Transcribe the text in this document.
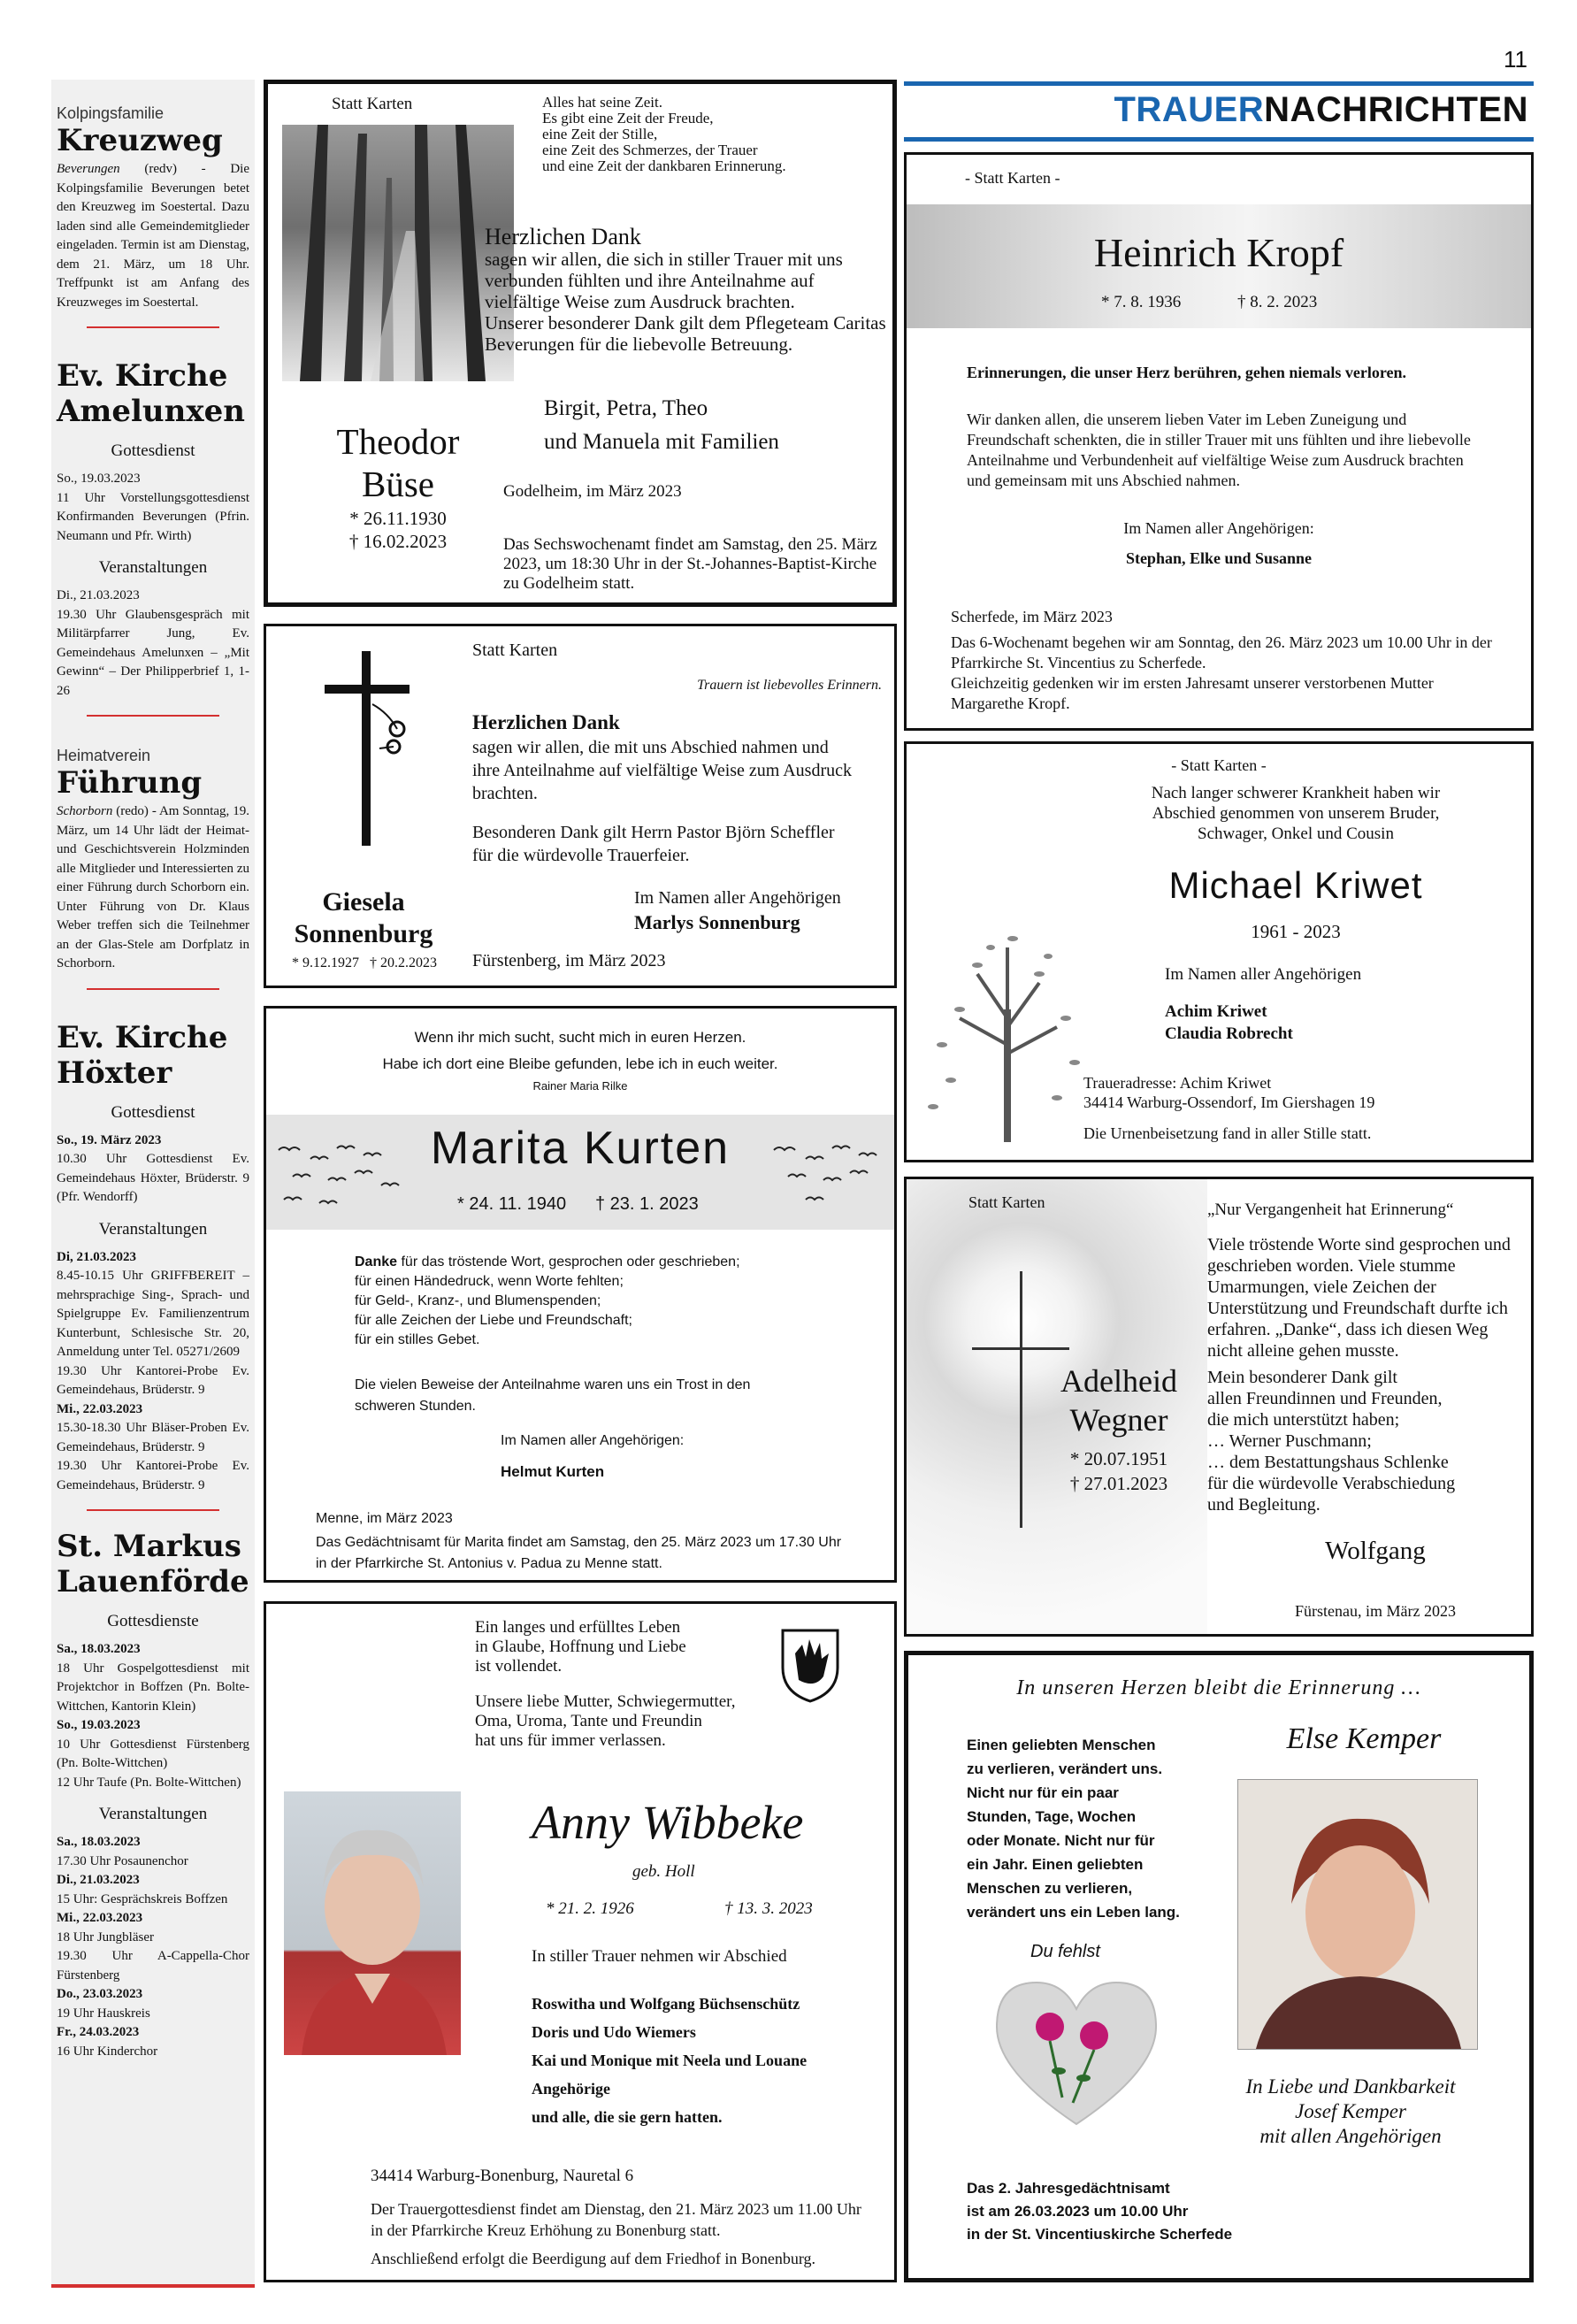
11
TRAUERNACHRICHTEN
Kolpingsfamilie
Kreuzweg
Beverungen (redv) - Die Kolpingsfamilie Beverungen betet den Kreuzweg im Soestertal. Dazu laden sind alle Gemeindemitglieder eingeladen. Termin ist am Dienstag, dem 21. März, um 18 Uhr. Treffpunkt ist am Anfang des Kreuzweges im Soestertal.
Ev. Kirche
Amelunxen
Gottesdienst
So., 19.03.2023
11 Uhr Vorstellungsgottesdienst Konfirmanden Beverungen (Pfrin. Neumann und Pfr. Wirth)
Veranstaltungen
Di., 21.03.2023
19.30 Uhr Glaubensgespräch mit Militärpfarrer Jung, Ev. Gemeindehaus Amelunxen – „Mit Gewinn“ – Der Philipperbrief 1, 1-26
Heimatverein
Führung
Schorborn (redo) - Am Sonntag, 19. März, um 14 Uhr lädt der Heimat- und Geschichtsverein Holzminden alle Mitglieder und Interessierten zu einer Führung durch Schorborn ein. Unter Führung von Dr. Klaus Weber treffen sich die Teilnehmer an der Glas-Stele am Dorfplatz in Schorborn.
Ev. Kirche
Höxter
Gottesdienst
So., 19. März 2023
10.30 Uhr Gottesdienst Ev. Gemeindehaus Höxter, Brüderstr. 9 (Pfr. Wendorff)
Veranstaltungen
Di, 21.03.2023
8.45-10.15 Uhr GRIFFBEREIT – mehrsprachige Sing-, Sprach- und Spielgruppe Ev. Familienzentrum Kunterbunt, Schlesische Str. 20, Anmeldung unter Tel. 05271/2609
19.30 Uhr Kantorei-Probe Ev. Gemeindehaus, Brüderstr. 9
Mi., 22.03.2023
15.30-18.30 Uhr Bläser-Proben Ev. Gemeindehaus, Brüderstr. 9
19.30 Uhr Kantorei-Probe Ev. Gemeindehaus, Brüderstr. 9
St. Markus
Lauenförde
Gottesdienste
Sa., 18.03.2023
18 Uhr Gospelgottesdienst mit Projektchor in Boffzen (Pn. Bolte-Wittchen, Kantorin Klein)
So., 19.03.2023
10 Uhr Gottesdienst Fürstenberg (Pn. Bolte-Wittchen)
12 Uhr Taufe (Pn. Bolte-Wittchen)
Veranstaltungen
Sa., 18.03.2023
17.30 Uhr Posaunenchor
Di., 21.03.2023
15 Uhr: Gesprächskreis Boffzen
Mi., 22.03.2023
18 Uhr Jungbläser
19.30 Uhr A-Cappella-Chor Fürstenberg
Do., 23.03.2023
19 Uhr Hauskreis
Fr., 24.03.2023
16 Uhr Kinderchor
Statt Karten	Alles hat seine Zeit.
Es gibt eine Zeit der Freude,
eine Zeit der Stille,
eine Zeit des Schmerzes, der Trauer
und eine Zeit der dankbaren Erinnerung.
Herzlichen Dank
sagen wir allen, die sich in stiller Trauer mit uns verbunden fühlten und ihre Anteilnahme auf vielfältige Weise zum Ausdruck brachten.
Unserer besonderer Dank gilt dem Pflegeteam Caritas Beverungen für die liebevolle Betreuung.
Birgit, Petra, Theo
und Manuela mit Familien
Theodor
Büse
* 26.11.1930
† 16.02.2023
Godelheim, im März 2023
Das Sechswochenamt findet am Samstag, den 25. März 2023, um 18:30 Uhr in der St.-Johannes-Baptist-Kirche zu Godelheim statt.
Statt Karten
Trauern ist liebevolles Erinnern.
Herzlichen Dank
sagen wir allen, die mit uns Abschied nahmen und ihre Anteilnahme auf vielfältige Weise zum Ausdruck brachten.
Besonderen Dank gilt Herrn Pastor Björn Scheffler für die würdevolle Trauerfeier.
Im Namen aller Angehörigen
Marlys Sonnenburg
Giesela
Sonnenburg
* 9.12.1927   † 20.2.2023	Fürstenberg, im März 2023
Wenn ihr mich sucht, sucht mich in euren Herzen.
Habe ich dort eine Bleibe gefunden, lebe ich in euch weiter.
Rainer Maria Rilke
Marita Kurten
* 24. 11. 1940 † 23. 1. 2023
Danke für das tröstende Wort, gesprochen oder geschrieben;
für einen Händedruck, wenn Worte fehlten;
für Geld-, Kranz-, und Blumenspenden;
für alle Zeichen der Liebe und Freundschaft;
für ein stilles Gebet.
Die vielen Beweise der Anteilnahme waren uns ein Trost in den schweren Stunden.
Im Namen aller Angehörigen:
Helmut Kurten
Menne, im März 2023
Das Gedächtnisamt für Marita findet am Samstag, den 25. März 2023 um 17.30 Uhr in der Pfarrkirche St. Antonius v. Padua zu Menne statt.
Ein langes und erfülltes Leben
in Glaube, Hoffnung und Liebe
ist vollendet.
Unsere liebe Mutter, Schwiegermutter,
Oma, Uroma, Tante und Freundin
hat uns für immer verlassen.
Anny Wibbeke
geb. Holl
* 21. 2. 1926	† 13. 3. 2023
In stiller Trauer nehmen wir Abschied
Roswitha und Wolfgang Büchsenschütz
Doris und Udo Wiemers
Kai und Monique mit Neela und Louane
Angehörige
und alle, die sie gern hatten.
34414 Warburg-Bonenburg, Nauretal 6
Der Trauergottesdienst findet am Dienstag, den 21. März 2023 um 11.00 Uhr in der Pfarrkirche Kreuz Erhöhung zu Bonenburg statt.
Anschließend erfolgt die Beerdigung auf dem Friedhof in Bonenburg.
- Statt Karten -
Heinrich Kropf
* 7. 8. 1936	† 8. 2. 2023
Erinnerungen, die unser Herz berühren, gehen niemals verloren.
Wir danken allen, die unserem lieben Vater im Leben Zuneigung und Freundschaft schenkten, die in stiller Trauer mit uns fühlten und ihre liebevolle Anteilnahme und Verbundenheit auf vielfältige Weise zum Ausdruck brachten und gemeinsam mit uns Abschied nahmen.
Im Namen aller Angehörigen:
Stephan, Elke und Susanne
Scherfede, im März 2023
Das 6-Wochenamt begehen wir am Sonntag, den 26. März 2023 um 10.00 Uhr in der Pfarrkirche St. Vincentius zu Scherfede.
Gleichzeitig gedenken wir im ersten Jahresamt unserer verstorbenen Mutter Margarethe Kropf.
- Statt Karten -
Nach langer schwerer Krankheit haben wir
Abschied genommen von unserem Bruder,
Schwager, Onkel und Cousin
Michael Kriwet
1961 - 2023
Im Namen aller Angehörigen
Achim Kriwet
Claudia Robrecht
Traueradresse: Achim Kriwet
34414 Warburg-Ossendorf, Im Giershagen 19
Die Urnenbeisetzung fand in aller Stille statt.
Statt Karten	„Nur Vergangenheit hat Erinnerung“
Viele tröstende Worte sind gesprochen und geschrieben worden. Viele stumme Umarmungen, viele Zeichen der Unterstützung und Freundschaft durfte ich erfahren. „Danke“, dass ich diesen Weg nicht alleine gehen musste.
Mein besonderer Dank gilt
allen Freundinnen und Freunden,
die mich unterstützt haben;
… Werner Puschmann;
… dem Bestattungshaus Schlenke
für die würdevolle Verabschiedung
und Begleitung.
Wolfgang
Fürstenau, im März 2023
Adelheid
Wegner
* 20.07.1951
† 27.01.2023
In unseren Herzen bleibt die Erinnerung …
Einen geliebten Menschen
zu verlieren, verändert uns.
Nicht nur für ein paar
Stunden, Tage, Wochen
oder Monate. Nicht nur für
ein Jahr. Einen geliebten
Menschen zu verlieren,
verändert uns ein Leben lang.
Else Kemper
Du fehlst
In Liebe und Dankbarkeit
Josef Kemper
mit allen Angehörigen
Das 2. Jahresgedächtnisamt
ist am 26.03.2023 um 10.00 Uhr
in der St. Vincentiuskirche Scherfede
